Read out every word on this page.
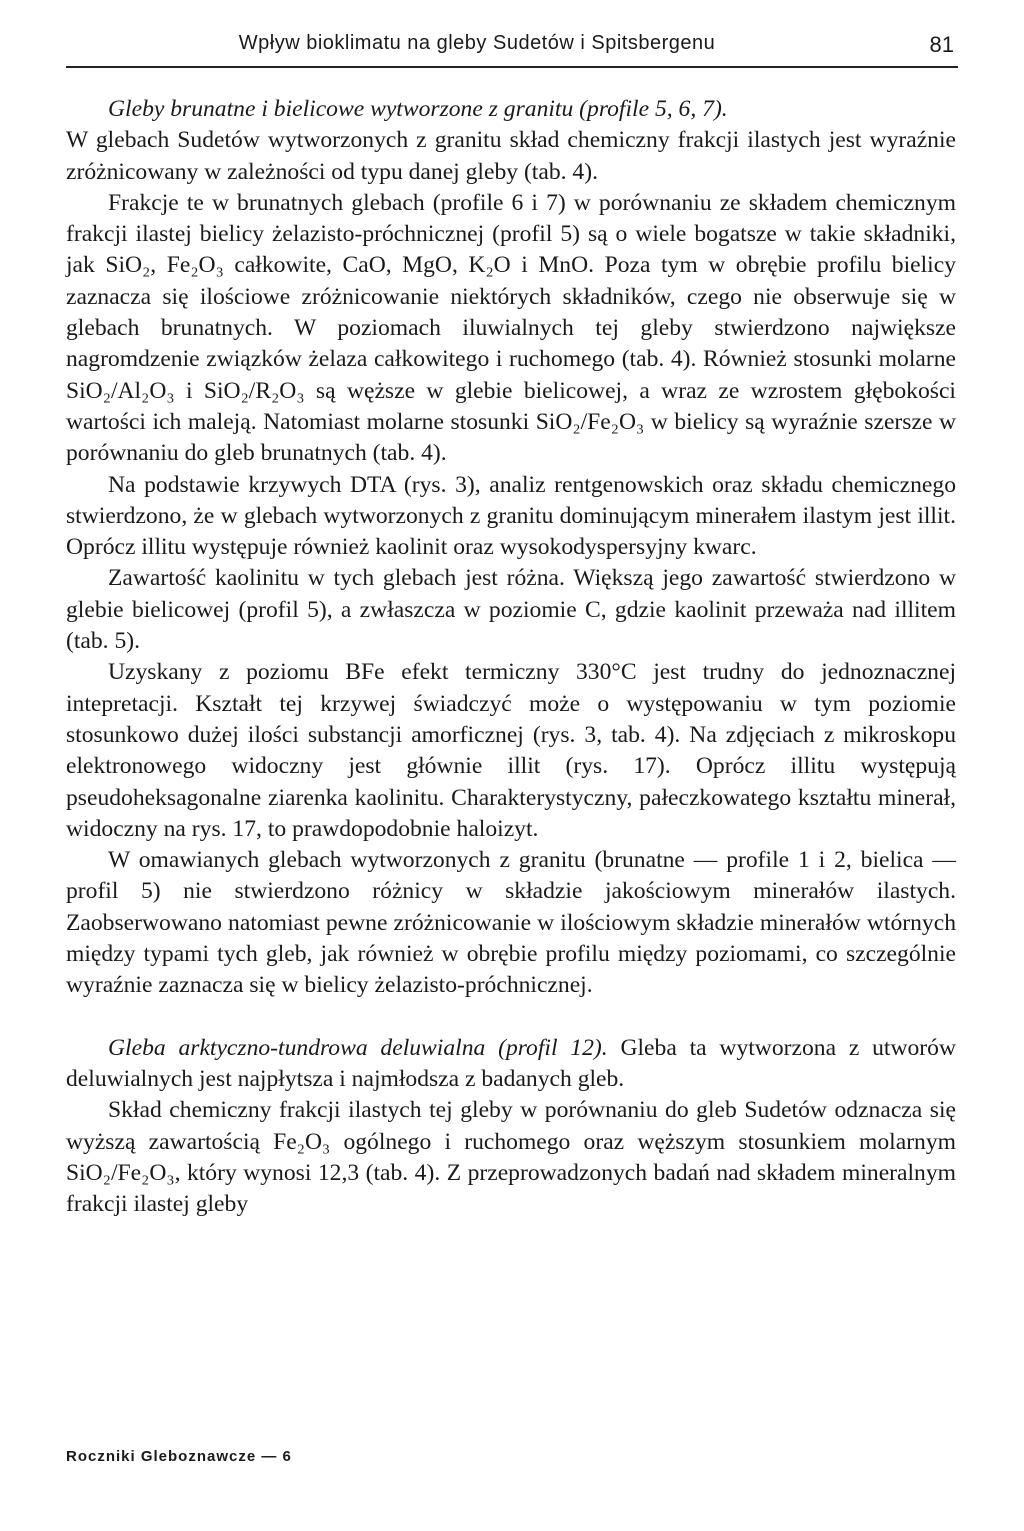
Wpływ bioklimatu na gleby Sudetów i Spitsbergenu	81

Gleby brunatne i bielicowe wytworzone z granitu (profile 5, 6, 7).

W glebach Sudetów wytworzonych z granitu skład chemiczny frakcji ilastych jest wyraźnie zróżnicowany w zależności od typu danej gleby (tab. 4).

Frakcje te w brunatnych glebach (profile 6 i 7) w porównaniu ze składem chemicznym frakcji ilastej bielicy żelazisto-próchnicznej (profil 5) są o wiele bogatsze w takie składniki, jak SiO₂, Fe₂O₃ całkowite, CaO, MgO, K₂O i MnO. Poza tym w obrębie profilu bielicy zaznacza się ilościowe zróżnicowanie niektórych składników, czego nie obserwuje się w glebach brunatnych. W poziomach iluwialnych tej gleby stwierdzono największe nagromdzenie związków żelaza całkowitego i ruchomego (tab. 4). Również stosunki molarne SiO₂/Al₂O₃ i SiO₂/R₂O₃ są węższe w glebie bielicowej, a wraz ze wzrostem głębokości wartości ich maleją. Natomiast molarne stosunki SiO₂/Fe₂O₃ w bielicy są wyraźnie szersze w porównaniu do gleb brunatnych (tab. 4).

Na podstawie krzywych DTA (rys. 3), analiz rentgenowskich oraz składu chemicznego stwierdzono, że w glebach wytworzonych z granitu dominującym minerałem ilastym jest illit. Oprócz illitu występuje również kaolinit oraz wysokodyspersyjny kwarc.

Zawartość kaolinitu w tych glebach jest różna. Większą jego zawartość stwierdzono w glebie bielicowej (profil 5), a zwłaszcza w poziomie C, gdzie kaolinit przeważa nad illitem (tab. 5).

Uzyskany z poziomu BFe efekt termiczny 330°C jest trudny do jednoznacznej intepretacji. Kształt tej krzywej świadczyć może o występowaniu w tym poziomie stosunkowo dużej ilości substancji amorficznej (rys. 3, tab. 4). Na zdjęciach z mikroskopu elektronowego widoczny jest głównie illit (rys. 17). Oprócz illitu występują pseudoheksagonalne ziarenka kaolinitu. Charakterystyczny, pałeczkowatego kształtu minerał, widoczny na rys. 17, to prawdopodobnie haloizyt.

W omawianych glebach wytworzonych z granitu (brunatne — profile 1 i 2, bielica — profil 5) nie stwierdzono różnicy w składzie jakościowym minerałów ilastych. Zaobserwowano natomiast pewne zróżnicowanie w ilościowym składzie minerałów wtórnych między typami tych gleb, jak również w obrębie profilu między poziomami, co szczególnie wyraźnie zaznacza się w bielicy żelazisto-próchnicznej.

Gleba arktyczno-tundrowa deluwialna (profil 12). Gleba ta wytworzona z utworów deluwialnych jest najpłytsza i najmłodsza z badanych gleb.

Skład chemiczny frakcji ilastych tej gleby w porównaniu do gleb Sudetów odznacza się wyższą zawartością Fe₂O₃ ogólnego i ruchomego oraz węższym stosunkiem molarnym SiO₂/Fe₂O₃, który wynosi 12,3 (tab. 4). Z przeprowadzonych badań nad składem mineralnym frakcji ilastej gleby

Roczniki Gleboznawcze — 6
